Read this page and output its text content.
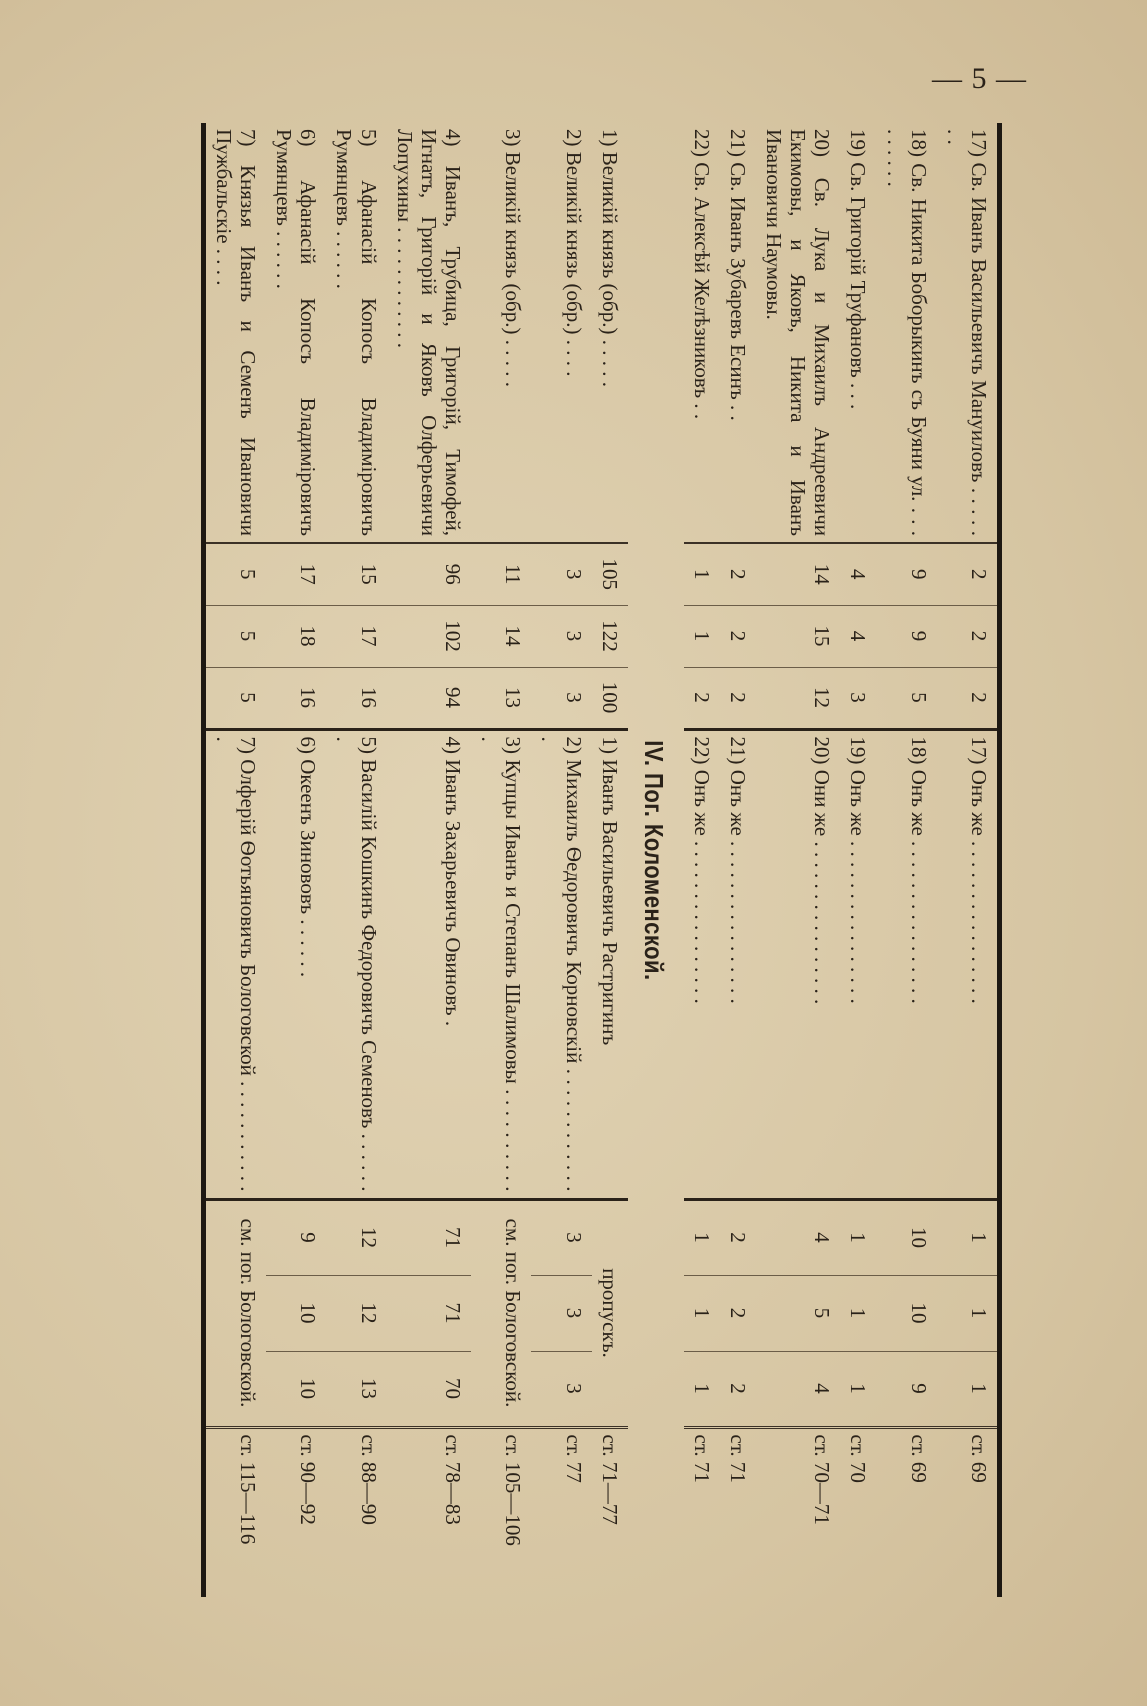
— 5 —

17) Св. Иванъ Васильевичъ Мануиловъ . . . . . . .	2	2	2	17) Онъ же . . . . . . . . . . . . . . . .	1	1	1	ст. 69
18) Св. Никита Боборыкинъ съ Буяни ул. . . . . . . . . .	9	9	5	18) Онъ же . . . . . . . . . . . . . . . .	10	10	9	ст. 69
19) Св. Григорій Труфановъ . . .	4	4	3	19) Онъ же . . . . . . . . . . . . . . . .	1	1	1	ст. 70
20) Св. Лука и Михаилъ Андреевичи Екимовы, и Яковъ, Никита и Иванъ Ивановичи Наумовы.	14	15	12	20) Они же . . . . . . . . . . . . . . . .	4	5	4	ст. 70—71
21) Св. Иванъ Зубаревъ Есинъ . .	2	2	2	21) Онъ же . . . . . . . . . . . . . . . .	2	2	2	ст. 71
22) Св. Алексѣй Желѣзниковъ . .	1	1	2	22) Онъ же . . . . . . . . . . . . . . . .	1	1	1	ст. 71

IV. Пог. Коломенской.								
1) Великій князь (обр.) . . . . .	105	122	100	1) Иванъ Васильевичъ Растригинъ	пропускъ.			ст. 71—77
2) Великій князь (обр.) . . . .	3	3	3	2) Михаилъ Ѳедоровичъ Корновскій . . . . . . . . . . . . .	3	3	3	ст. 77
3) Великій князь (обр.) . . . . .	11	14	13	3) Купцы Иванъ и Степанъ Шалимовы . . . . . . . . . . .	см. пог. Бологовской.			ст. 105—106
4) Иванъ, Трубица, Григорій, Тимофей, Игнатъ, Григорій и Яковъ Олферьевичи Лопухины . . . . . . . . . . . .	96	102	94	4) Иванъ Захарьевичъ Овиновъ .	71	71	70	ст. 78—83
5) Афанасій Копосъ Владиміровичъ Румянцевъ . . . . . .	15	17	16	5) Василій Кошкинъ Федоровичъ Семеновъ . . . . . . .	12	12	13	ст. 88—90
6) Афанасій Копосъ Владиміровичъ Румянцевъ . . . . . .	17	18	16	6) Океенъ Зинововъ . . . . . .	9	10	10	ст. 90—92
7) Князья Иванъ и Семенъ Ивановичи Пужбальскіе . . . .	5	5	5	7) Олферій Ѳотьяновичъ Бологовской . . . . . . . . . . . .	см. пог. Бологовской.			ст. 115—116
